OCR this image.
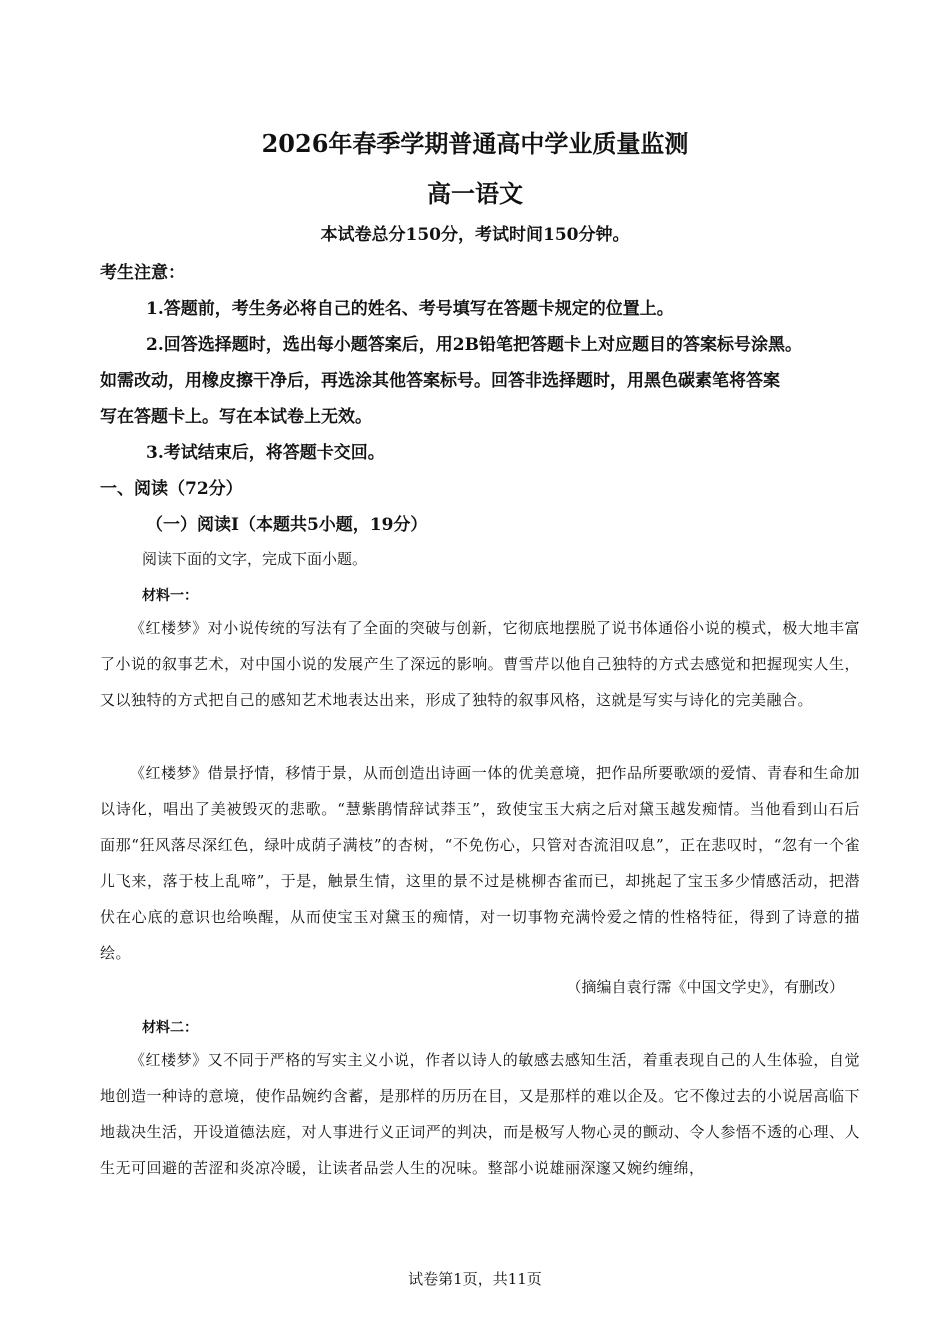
2026年春季学期普通高中学业质量监测
高一语文
本试卷总分150分，考试时间150分钟。
考生注意：
1.答题前，考生务必将自己的姓名、考号填写在答题卡规定的位置上。
2.回答选择题时，选出每小题答案后，用2B铅笔把答题卡上对应题目的答案标号涂黑。
如需改动，用橡皮擦干净后，再选涂其他答案标号。回答非选择题时，用黑色碳素笔将答案
写在答题卡上。写在本试卷上无效。
3.考试结束后，将答题卡交回。
一、阅读（72分）
（一）阅读Ⅰ（本题共5小题，19分）
阅读下面的文字，完成下面小题。
材料一：
《红楼梦》对小说传统的写法有了全面的突破与创新，它彻底地摆脱了说书体通俗小说的模式，极大地丰富了小说的叙事艺术，对中国小说的发展产生了深远的影响。曹雪芹以他自己独特的方式去感觉和把握现实人生，又以独特的方式把自己的感知艺术地表达出来，形成了独特的叙事风格，这就是写实与诗化的完美融合。
《红楼梦》借景抒情，移情于景，从而创造出诗画一体的优美意境，把作品所要歌颂的爱情、青春和生命加以诗化，唱出了美被毁灭的悲歌。“慧紫鹃情辞试莽玉”，致使宝玉大病之后对黛玉越发痴情。当他看到山石后面那“狂风落尽深红色，绿叶成荫子满枝”的杏树，“不免伤心，只管对杏流泪叹息”，正在悲叹时，“忽有一个雀儿飞来，落于枝上乱啼”，于是，触景生情，这里的景不过是桃柳杏雀而已，却挑起了宝玉多少情感活动，把潜伏在心底的意识也给唤醒，从而使宝玉对黛玉的痴情，对一切事物充满怜爱之情的性格特征，得到了诗意的描绘。
（摘编自袁行霈《中国文学史》，有删改）
材料二：
《红楼梦》又不同于严格的写实主义小说，作者以诗人的敏感去感知生活，着重表现自己的人生体验，自觉地创造一种诗的意境，使作品婉约含蓄，是那样的历历在目，又是那样的难以企及。它不像过去的小说居高临下地裁决生活，开设道德法庭，对人事进行义正词严的判决，而是极写人物心灵的颤动、令人参悟不透的心理、人生无可回避的苦涩和炎凉冷暖，让读者品尝人生的况味。整部小说雄丽深邃又婉约缠绵，
试卷第1页，共11页
